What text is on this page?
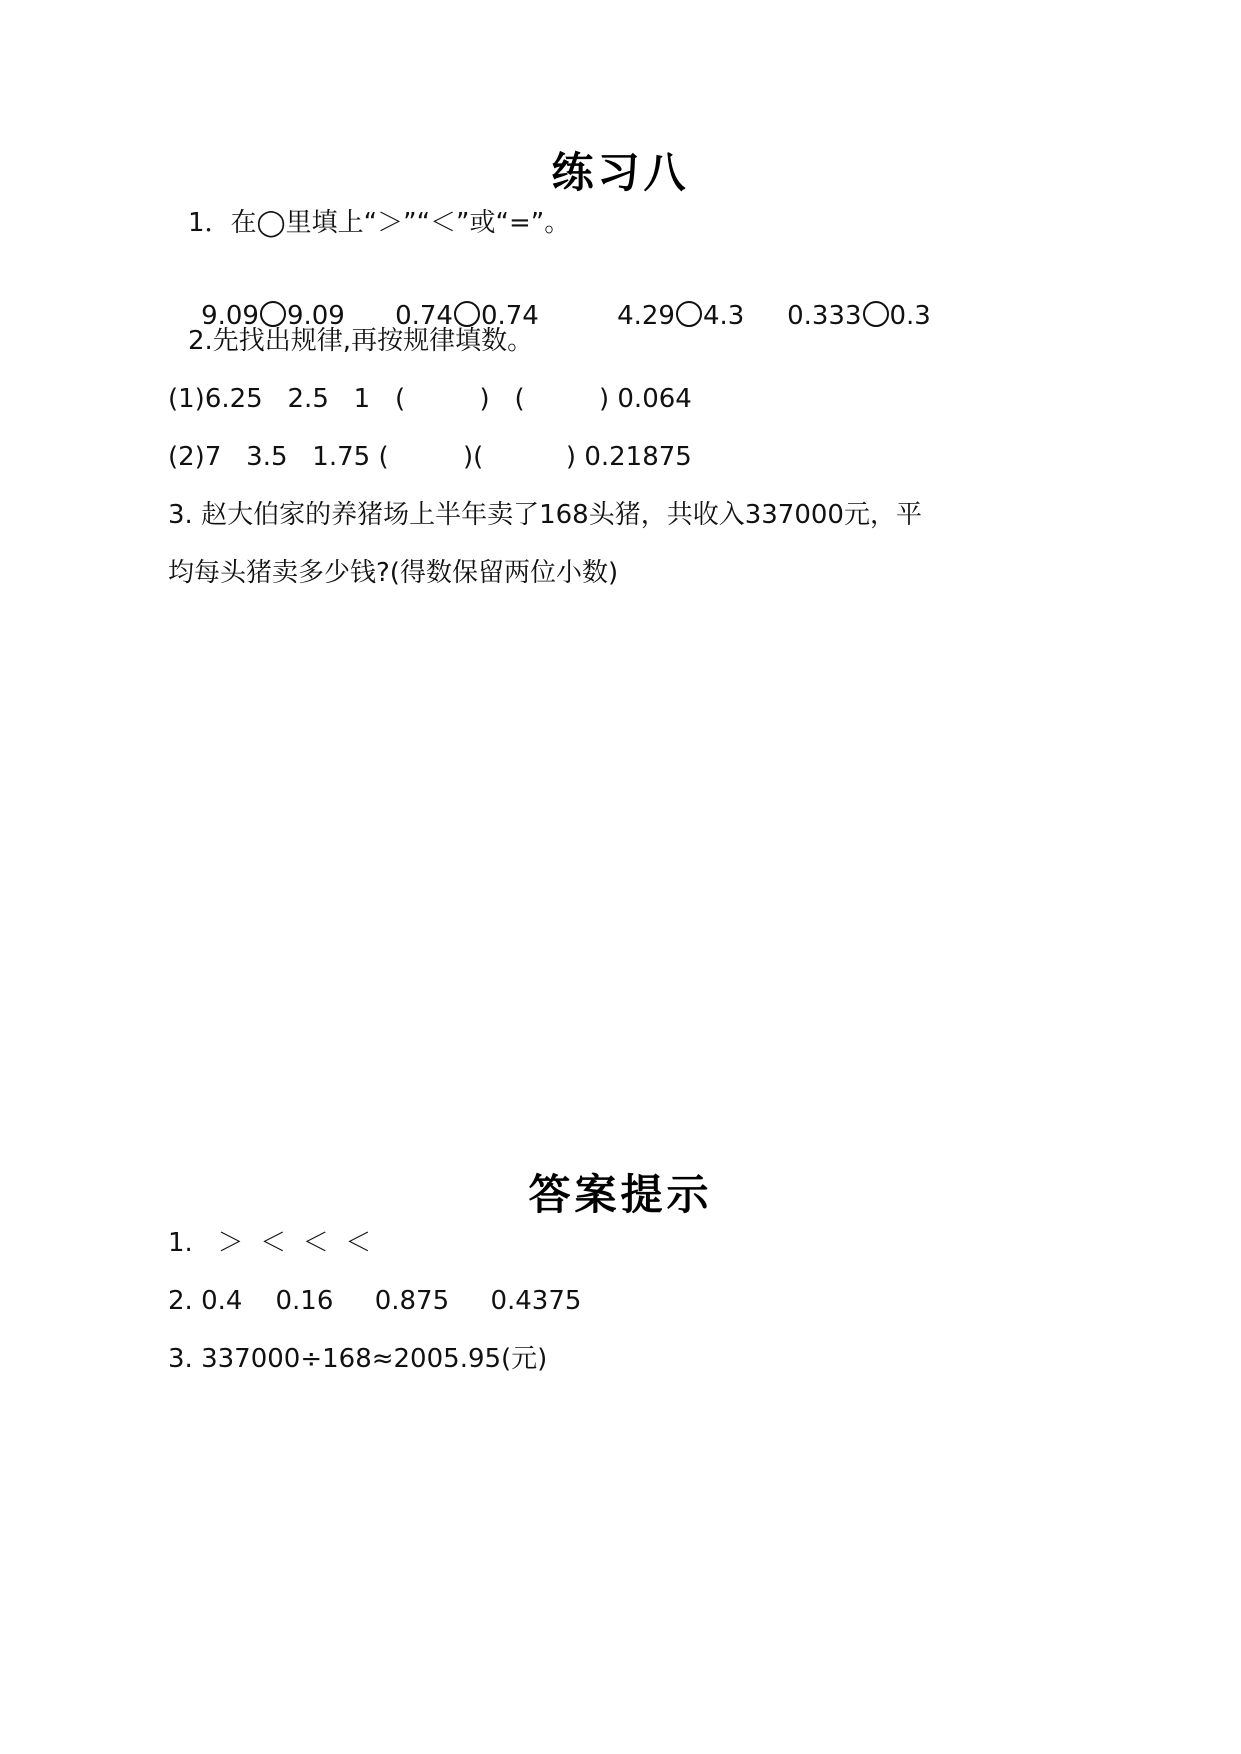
练习八
1．在◯里填上“＞”“＜”或“=”。

9.09 9.09
	0.74 0.74
	4.29 4.3
	0.333 0.3

2.先找出规律,再按规律填数。
(1)6.25   2.5   1   (         )   (         ) 0.064
(2)7   3.5   1.75 (         )(          ) 0.21875
3. 赵大伯家的养猪场上半年卖了168头猪，共收入337000元，平
均每头猪卖多少钱?(得数保留两位小数)
答案提示
1.   ＞  ＜  ＜  ＜
2. 0.4    0.16     0.875     0.4375
3. 337000÷168≈2005.95(元)
